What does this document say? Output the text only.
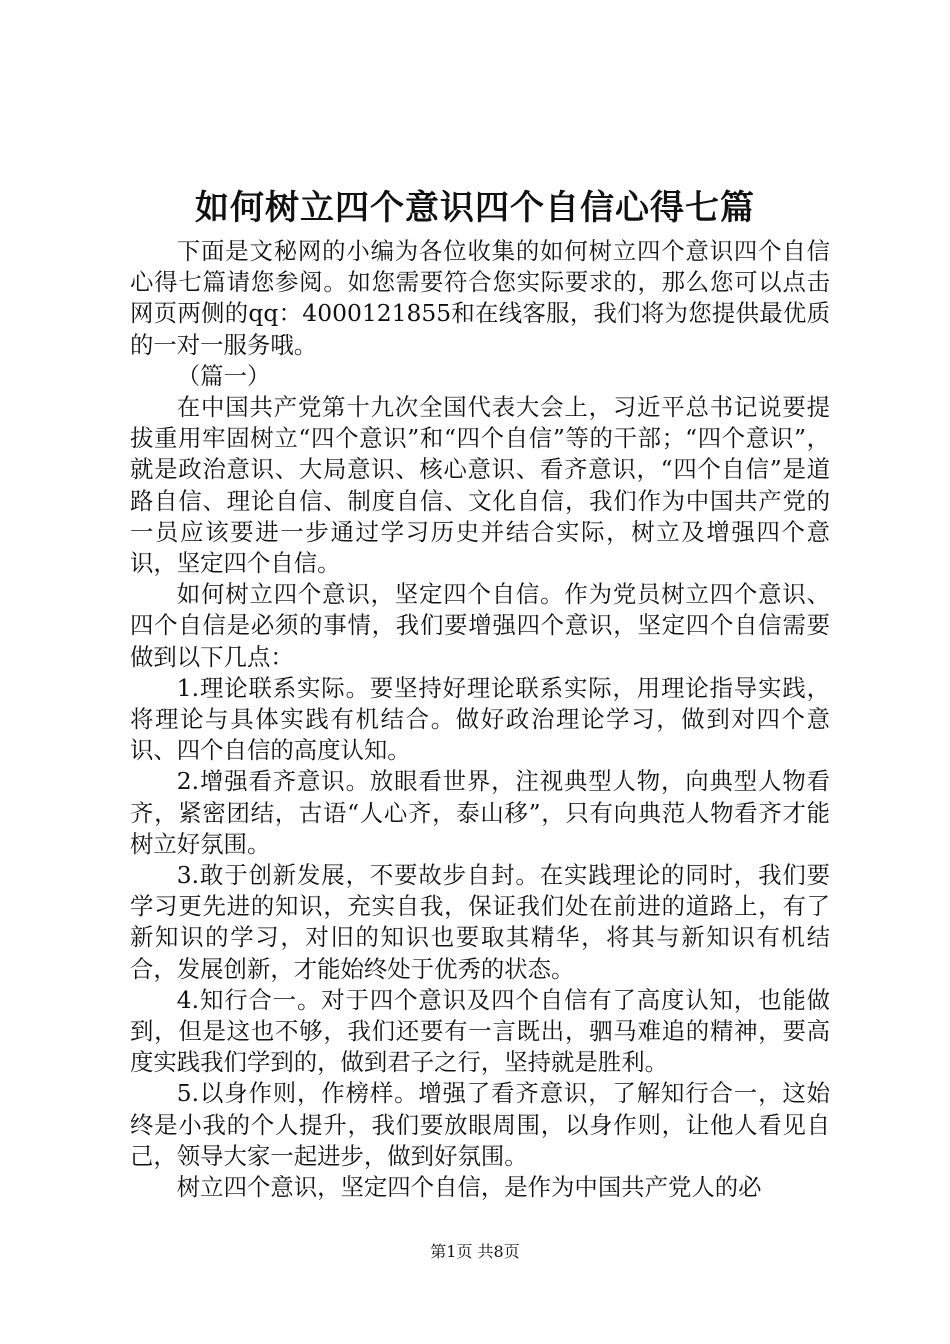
如何树立四个意识四个自信心得七篇

下面是文秘网的小编为各位收集的如何树立四个意识四个自信心得七篇请您参阅。如您需要符合您实际要求的，那么您可以点击网页两侧的qq：4000121855和在线客服，我们将为您提供最优质的一对一服务哦。

（篇一）

在中国共产党第十九次全国代表大会上，习近平总书记说要提拔重用牢固树立“四个意识”和“四个自信”等的干部；“四个意识”，就是政治意识、大局意识、核心意识、看齐意识，“四个自信”是道路自信、理论自信、制度自信、文化自信，我们作为中国共产党的一员应该要进一步通过学习历史并结合实际，树立及增强四个意识，坚定四个自信。

如何树立四个意识，坚定四个自信。作为党员树立四个意识、四个自信是必须的事情，我们要增强四个意识，坚定四个自信需要做到以下几点：

1.理论联系实际。要坚持好理论联系实际，用理论指导实践，将理论与具体实践有机结合。做好政治理论学习，做到对四个意识、四个自信的高度认知。

2.增强看齐意识。放眼看世界，注视典型人物，向典型人物看齐，紧密团结，古语“人心齐，泰山移”，只有向典范人物看齐才能树立好氛围。

3.敢于创新发展，不要故步自封。在实践理论的同时，我们要学习更先进的知识，充实自我，保证我们处在前进的道路上，有了新知识的学习，对旧的知识也要取其精华，将其与新知识有机结合，发展创新，才能始终处于优秀的状态。

4.知行合一。对于四个意识及四个自信有了高度认知，也能做到，但是这也不够，我们还要有一言既出，驷马难追的精神，要高度实践我们学到的，做到君子之行，坚持就是胜利。

5.以身作则，作榜样。增强了看齐意识，了解知行合一，这始终是小我的个人提升，我们要放眼周围，以身作则，让他人看见自己，领导大家一起进步，做到好氛围。

树立四个意识，坚定四个自信，是作为中国共产党人的必

第1页 共8页
